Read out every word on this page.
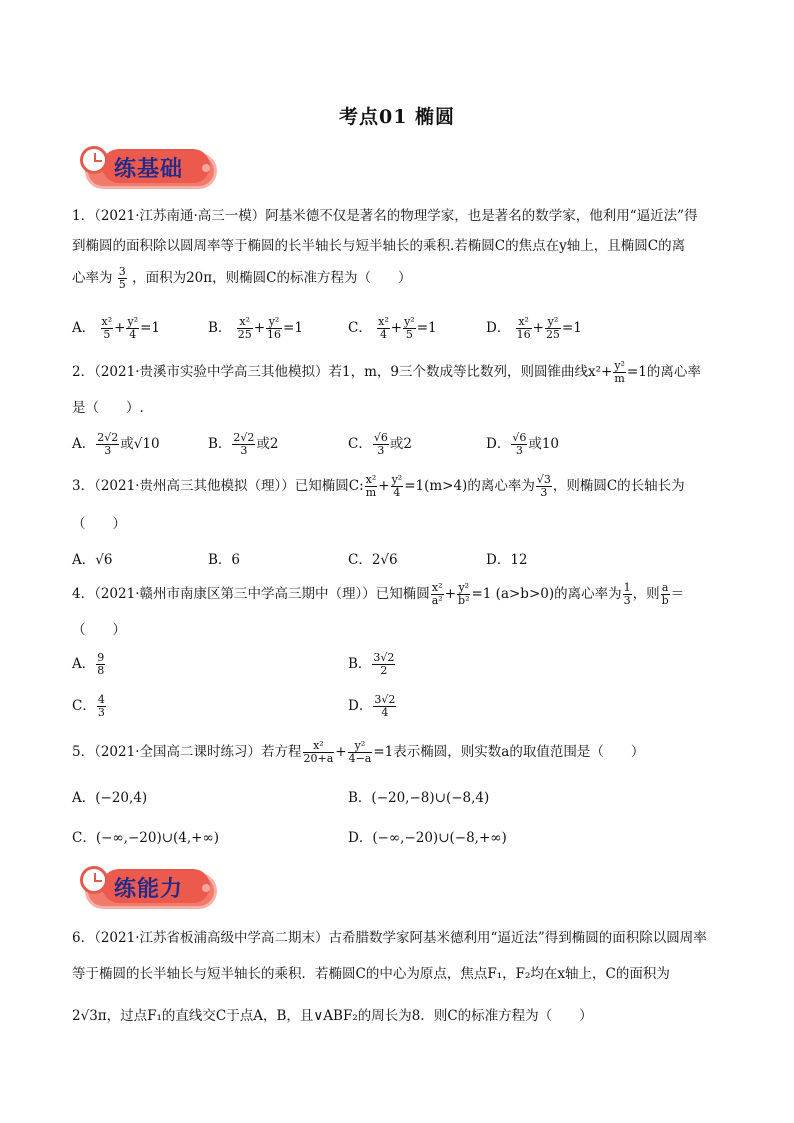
考点01 椭圆
练基础
1．（2021·江苏南通·高三一模）阿基米德不仅是著名的物理学家，也是著名的数学家，他利用“逼近法”得
到椭圆的面积除以圆周率等于椭圆的长半轴长与短半轴长的乘积.若椭圆C的焦点在y轴上，且椭圆C的离
心率为 $\frac{3}{5}$ ，面积为20π，则椭圆C的标准方程为（　　）
A． $\frac{\text{x²}}{5} + \frac{\text{y²}}{4} =1$	B． $\frac{\text{x²}}{25} + \frac{\text{y²}}{16} =1$	C． $\frac{\text{x²}}{4} + \frac{\text{y²}}{5} =1$	D． $\frac{\text{x²}}{16} + \frac{\text{y²}}{25} =1$
2．（2021·贵溪市实验中学高三其他模拟）若1，m，9三个数成等比数列，则圆锥曲线$x^2+ \frac{\text{y²}}{m} =1$的离心率
是（　　）.
A． $\frac{2√2}{3}$ 或√10	B． $\frac{2√2}{3}$ 或2	C． $\frac{√6}{3}$ 或2	D． $\frac{√6}{3}$ 或10
3．（2021·贵州高三其他模拟（理））已知椭圆C: $\frac{\text{x²}}{m} + \frac{\text{y²}}{4} =1(m>4)$的离心率为 $\frac{√3}{3}$ ，则椭圆C的长轴长为
（　　）
A．√6	B．6	C．2√6	D．12
4．（2021·赣州市南康区第三中学高三期中（理））已知椭圆 $\frac{\text{x²}}{\text{a²}} + \frac{\text{y²}}{\text{b²}} =1$ (a>b>0)的离心率为 $\frac{1}{3}$ ，则 $\frac{a}{b}$ ＝
（　　）
A． $\frac{9}{8}$	B． $\frac{3√2}{2}$
C． $\frac{4}{3}$	D． $\frac{3√2}{4}$
5．（2021·全国高二课时练习）若方程 $\frac{\text{x²}}{20+a} + \frac{\text{y²}}{4-a} =1$表示椭圆，则实数a的取值范围是（　　）
A．(−20,4)	B．(−20,−8)∪(−8,4)
C．(−∞,−20)∪(4,+∞)	D．(−∞,−20)∪(−8,+∞)
练能力
6．（2021·江苏省板浦高级中学高二期末）古希腊数学家阿基米德利用“逼近法”得到椭圆的面积除以圆周率
等于椭圆的长半轴长与短半轴长的乘积．若椭圆C的中心为原点，焦点F₁，F₂均在x轴上，C的面积为
2√3π，过点F₁的直线交C于点A，B，且∨ABF₂的周长为8．则C的标准方程为（　　）
